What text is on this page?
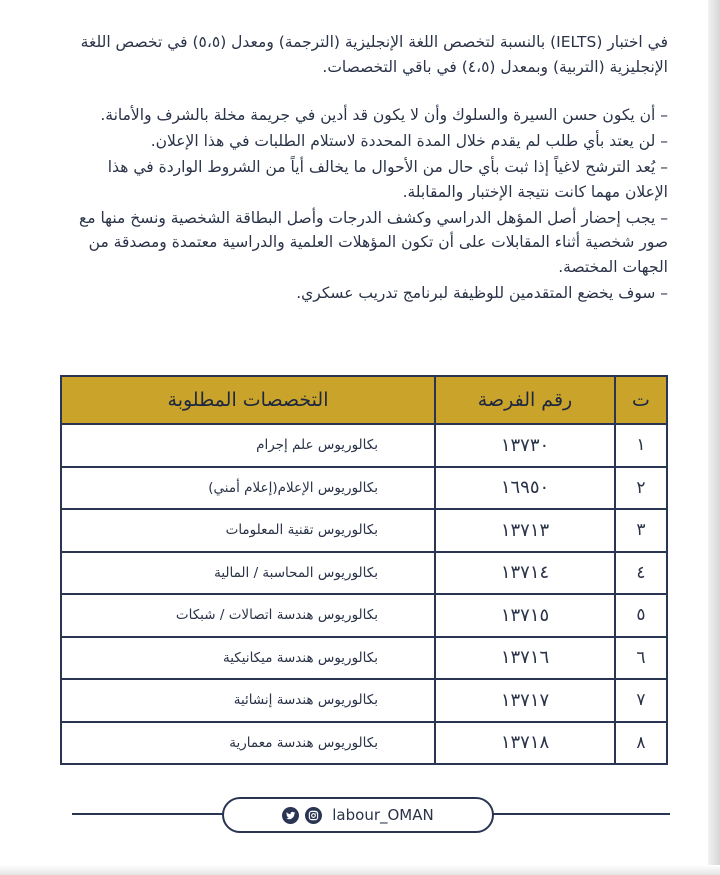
في اختبار (IELTS) بالنسبة لتخصص اللغة الإنجليزية (الترجمة) ومعدل (٥،٥) في تخصص اللغة الإنجليزية (التربية) وبمعدل (٤،٥) في باقي التخصصات.

– أن يكون حسن السيرة والسلوك وأن لا يكون قد أدين في جريمة مخلة بالشرف والأمانة.

– لن يعتد بأي طلب لم يقدم خلال المدة المحددة لاستلام الطلبات في هذا الإعلان.

– يُعد الترشح لاغياً إذا ثبت بأي حال من الأحوال ما يخالف أياً من الشروط الواردة في هذا الإعلان مهما كانت نتيجة الإختبار والمقابلة.

– يجب إحضار أصل المؤهل الدراسي وكشف الدرجات وأصل البطاقة الشخصية ونسخ منها مع صور شخصية أثناء المقابلات على أن تكون المؤهلات العلمية والدراسية معتمدة ومصدقة من الجهات المختصة.

– سوف يخضع المتقدمين للوظيفة لبرنامج تدريب عسكري.

ت	رقم الفرصة	التخصصات المطلوبة
١	١٣٧٣٠	بكالوريوس علم إجرام
٢	١٦٩٥٠	بكالوريوس الإعلام(إعلام أمني)
٣	١٣٧١٣	بكالوريوس تقنية المعلومات
٤	١٣٧١٤	بكالوريوس المحاسبة / المالية
٥	١٣٧١٥	بكالوريوس هندسة اتصالات / شبكات
٦	١٣٧١٦	بكالوريوس هندسة ميكانيكية
٧	١٣٧١٧	بكالوريوس هندسة إنشائية
٨	١٣٧١٨	بكالوريوس هندسة معمارية
labour_OMAN
